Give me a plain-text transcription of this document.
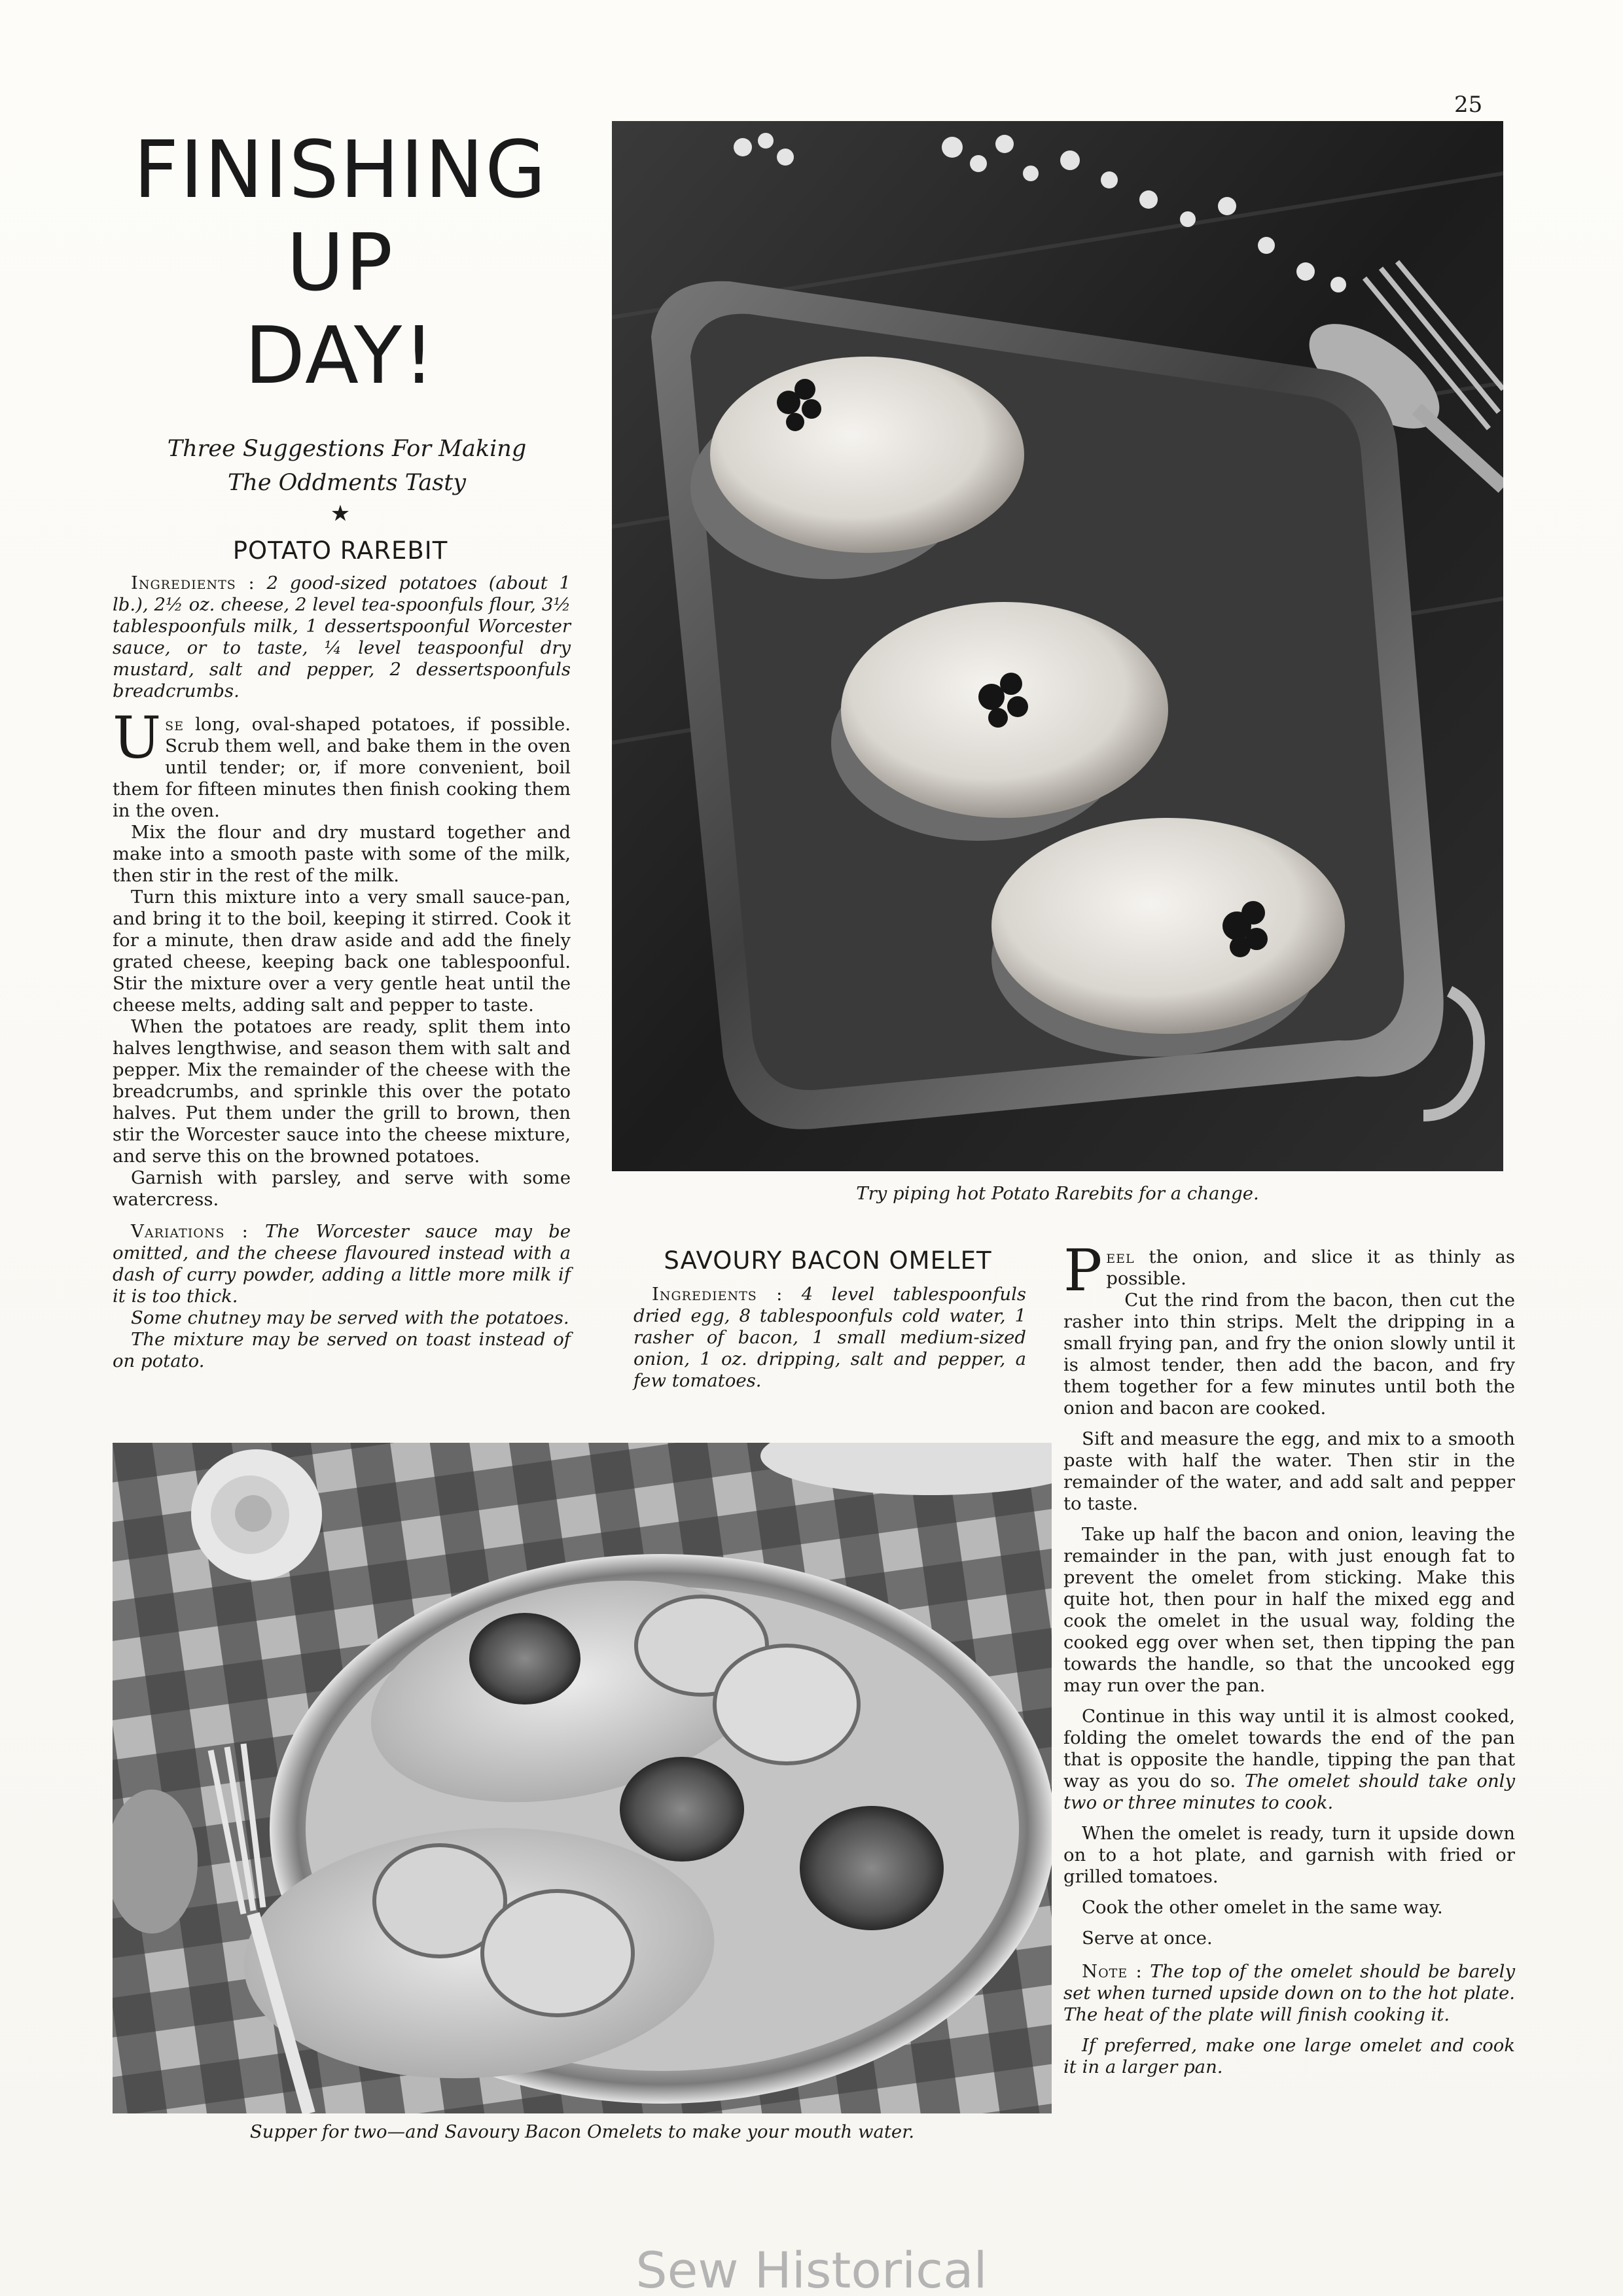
25
FINISHING
UP
DAY!
Three Suggestions For Making
The Oddments Tasty
★
POTATO RAREBIT

Ingredients : 2 good-sized potatoes (about 1 lb.), 2½ oz. cheese, 2 level tea-spoonfuls flour, 3½ tablespoonfuls milk, 1 dessertspoonful Worcester sauce, or to taste, ¼ level teaspoonful dry mustard, salt and pepper, 2 dessertspoonfuls breadcrumbs.

Use long, oval-shaped potatoes, if possible. Scrub them well, and bake them in the oven until tender; or, if more convenient, boil them for fifteen minutes then finish cooking them in the oven.

Mix the flour and dry mustard together and make into a smooth paste with some of the milk, then stir in the rest of the milk.

Turn this mixture into a very small sauce-pan, and bring it to the boil, keeping it stirred. Cook it for a minute, then draw aside and add the finely grated cheese, keeping back one tablespoonful. Stir the mixture over a very gentle heat until the cheese melts, adding salt and pepper to taste.

When the potatoes are ready, split them into halves lengthwise, and season them with salt and pepper. Mix the remainder of the cheese with the breadcrumbs, and sprinkle this over the potato halves. Put them under the grill to brown, then stir the Worcester sauce into the cheese mixture, and serve this on the browned potatoes.

Garnish with parsley, and serve with some watercress.

Variations : The Worcester sauce may be omitted, and the cheese flavoured instead with a dash of curry powder, adding a little more milk if it is too thick.

Some chutney may be served with the potatoes.

The mixture may be served on toast instead of on potato.

Try piping hot Potato Rarebits for a change.
SAVOURY BACON OMELET

Ingredients : 4 level tablespoonfuls dried egg, 8 tablespoonfuls cold water, 1 rasher of bacon, 1 small medium-sized onion, 1 oz. dripping, salt and pepper, a few tomatoes.

Peel the onion, and slice it as thinly as possible.

Cut the rind from the bacon, then cut the rasher into thin strips. Melt the dripping in a small frying pan, and fry the onion slowly until it is almost tender, then add the bacon, and fry them together for a few minutes until both the onion and bacon are cooked.

Sift and measure the egg, and mix to a smooth paste with half the water. Then stir in the remainder of the water, and add salt and pepper to taste.

Take up half the bacon and onion, leaving the remainder in the pan, with just enough fat to prevent the omelet from sticking. Make this quite hot, then pour in half the mixed egg and cook the omelet in the usual way, folding the cooked egg over when set, then tipping the pan towards the handle, so that the uncooked egg may run over the pan.

Continue in this way until it is almost cooked, folding the omelet towards the end of the pan that is opposite the handle, tipping the pan that way as you do so. The omelet should take only two or three minutes to cook.

When the omelet is ready, turn it upside down on to a hot plate, and garnish with fried or grilled tomatoes.

Cook the other omelet in the same way.

Serve at once.

Note : The top of the omelet should be barely set when turned upside down on to the hot plate. The heat of the plate will finish cooking it.

If preferred, make one large omelet and cook it in a larger pan.

Supper for two—and Savoury Bacon Omelets to make your mouth water.
Sew Historical
